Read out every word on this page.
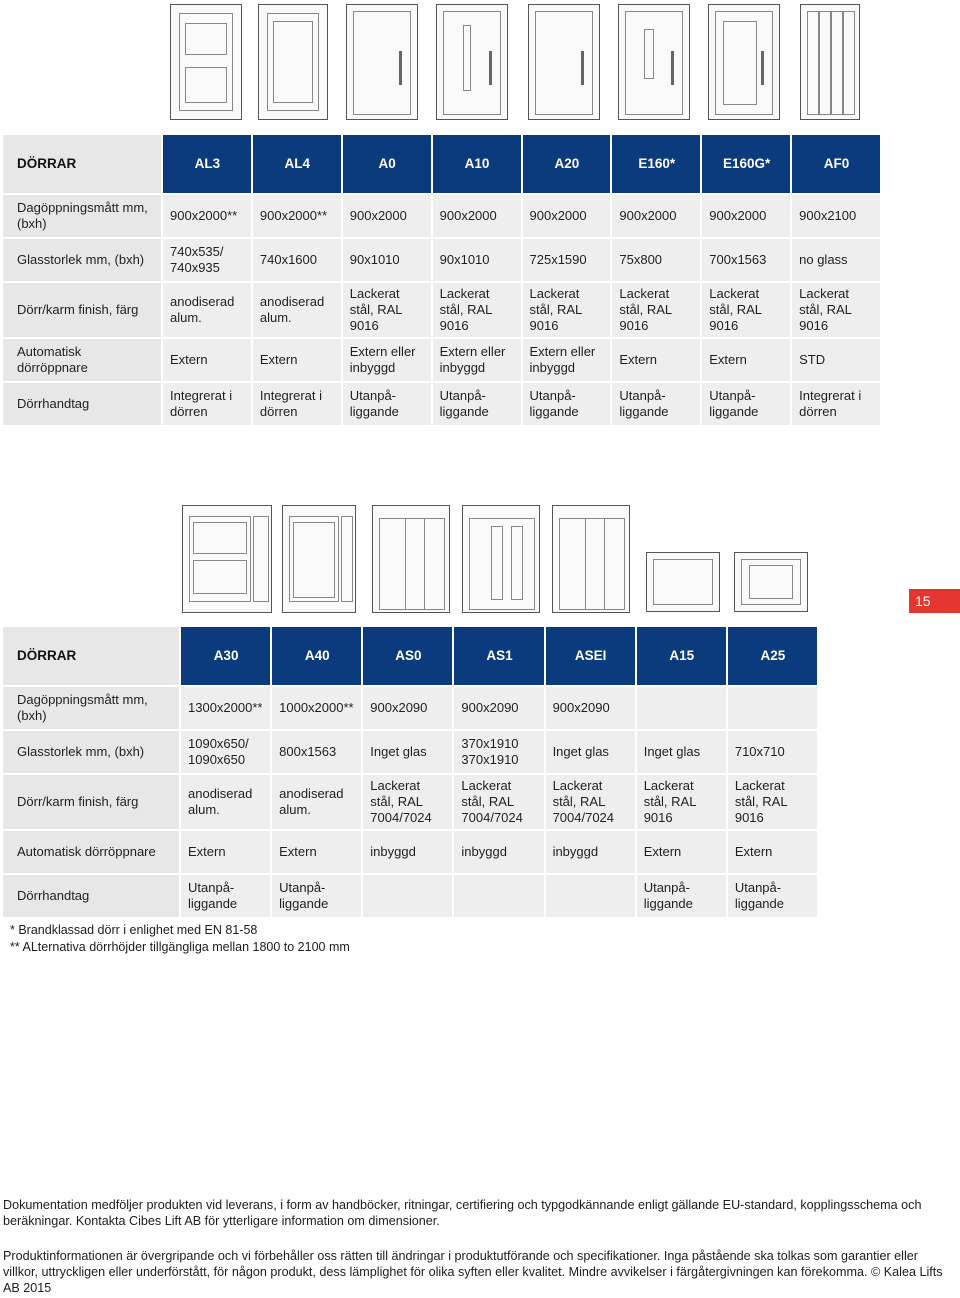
DÖRRAR	AL3	AL4	A0	A10	A20	E160*	E160G*	AF0
Dagöppningsmått mm, (bxh)	900x2000**	900x2000**	900x2000	900x2000	900x2000	900x2000	900x2000	900x2100
Glasstorlek mm, (bxh)	740x535/ 740x935	740x1600	90x1010	90x1010	725x1590	75x800	700x1563	no glass
Dörr/karm finish, färg	anodiserad alum.	anodiserad alum.	Lackerat stål, RAL 9016	Lackerat stål, RAL 9016	Lackerat stål, RAL 9016	Lackerat stål, RAL 9016	Lackerat stål, RAL 9016	Lackerat stål, RAL 9016
Automatisk dörröppnare	Extern	Extern	Extern eller inbyggd	Extern eller inbyggd	Extern eller inbyggd	Extern	Extern	STD
Dörrhandtag	Integrerat i dörren	Integrerat i dörren	Utanpå-liggande	Utanpå-liggande	Utanpå-liggande	Utanpå-liggande	Utanpå-liggande	Integrerat i dörren
15
DÖRRAR	A30	A40	AS0	AS1	ASEI	A15	A25
Dagöppningsmått mm, (bxh)	1300x2000**	1000x2000**	900x2090	900x2090	900x2090		
Glasstorlek mm, (bxh)	1090x650/ 1090x650	800x1563	Inget glas	370x1910 370x1910	Inget glas	Inget glas	710x710
Dörr/karm finish, färg	anodiserad alum.	anodiserad alum.	Lackerat stål, RAL 7004/7024	Lackerat stål, RAL 7004/7024	Lackerat stål, RAL 7004/7024	Lackerat stål, RAL 9016	Lackerat stål, RAL 9016
Automatisk dörröppnare	Extern	Extern	inbyggd	inbyggd	inbyggd	Extern	Extern
Dörrhandtag	Utanpå-liggande	Utanpå-liggande				Utanpå-liggande	Utanpå-liggande
* Brandklassad dörr i enlighet med EN 81-58
** ALternativa dörrhöjder tillgängliga mellan 1800 to 2100 mm
Dokumentation medföljer produkten vid leverans, i form av handböcker, ritningar, certifiering och typgodkännande enligt gällande EU-standard, kopplingsschema och beräkningar. Kontakta Cibes Lift AB för ytterligare information om dimensioner.
Produktinformationen är övergripande och vi förbehåller oss rätten till ändringar i produktutförande och specifikationer. Inga påstående ska tolkas som garantier eller villkor, uttryckligen eller underförstått, för någon produkt, dess lämplighet för olika syften eller kvalitet. Mindre avvikelser i färgåtergivningen kan förekomma. © Kalea Lifts AB 2015
